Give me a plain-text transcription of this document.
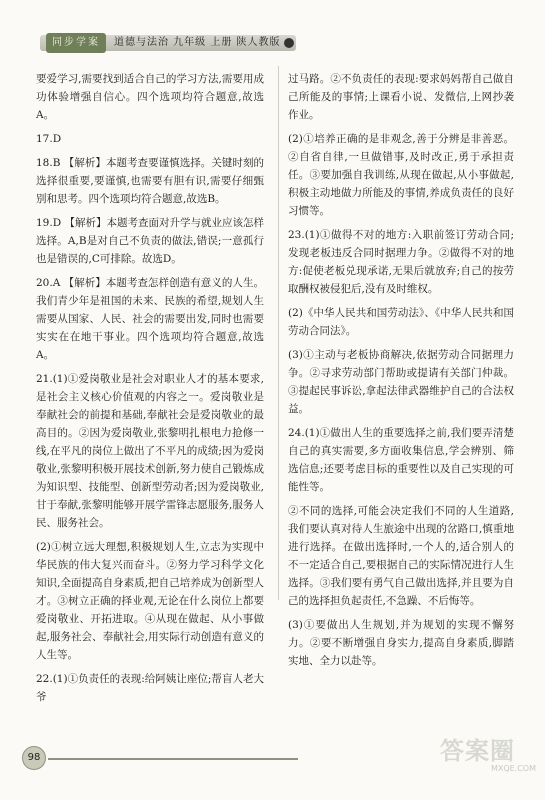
同步学案	道德与法治 九年级 上册 陕人教版

要爱学习,需要找到适合自己的学习方法,需要用成功体验增强自信心。四个选项均符合题意,故选A。

17.D

18.B 【解析】本题考查要谨慎选择。关键时刻的选择很重要,要谨慎,也需要有胆有识,需要仔细甄别和思考。四个选项均符合题意,故选B。

19.D 【解析】本题考查面对升学与就业应该怎样选择。A,B是对自己不负责的做法,错误;一意孤行也是错误的,C可排除。故选D。

20.A 【解析】本题考查怎样创造有意义的人生。我们青少年是祖国的未来、民族的希望,规划人生需要从国家、人民、社会的需要出发,同时也需要实实在在地干事业。四个选项均符合题意,故选A。

21.(1)①爱岗敬业是社会对职业人才的基本要求,是社会主义核心价值观的内容之一。爱岗敬业是奉献社会的前提和基础,奉献社会是爱岗敬业的最高目的。②因为爱岗敬业,张黎明扎根电力抢修一线,在平凡的岗位上做出了不平凡的成绩;因为爱岗敬业,张黎明积极开展技术创新,努力使自己锻炼成为知识型、技能型、创新型劳动者;因为爱岗敬业,甘于奉献,张黎明能够开展学雷锋志愿服务,服务人民、服务社会。

(2)①树立远大理想,积极规划人生,立志为实现中华民族的伟大复兴而奋斗。②努力学习科学文化知识,全面提高自身素质,把自己培养成为创新型人才。③树立正确的择业观,无论在什么岗位上都要爱岗敬业、开拓进取。④从现在做起、从小事做起,服务社会、奉献社会,用实际行动创造有意义的人生等。

22.(1)①负责任的表现:给阿姨让座位;帮盲人老大爷

过马路。②不负责任的表现:要求妈妈帮自己做自己所能及的事情;上课看小说、发微信,上网抄袭作业。

(2)①培养正确的是非观念,善于分辨是非善恶。②自省自律,一旦做错事,及时改正,勇于承担责任。③要加强自我训练,从现在做起,从小事做起,积极主动地做力所能及的事情,养成负责任的良好习惯等。

23.(1)①做得不对的地方:入职前签订劳动合同;发现老板违反合同时据理力争。②做得不对的地方:促使老板兑现承诺,无果后就放弃;自己的按劳取酬权被侵犯后,没有及时维权。

(2)《中华人民共和国劳动法》、《中华人民共和国劳动合同法》。

(3)①主动与老板协商解决,依据劳动合同据理力争。②寻求劳动部门帮助或提请有关部门仲裁。③提起民事诉讼,拿起法律武器维护自己的合法权益。

24.(1)①做出人生的重要选择之前,我们要弄清楚自己的真实需要,多方面收集信息,学会辨别、筛选信息;还要考虑目标的重要性以及自己实现的可能性等。

②不同的选择,可能会决定我们不同的人生道路,我们要认真对待人生旅途中出现的岔路口,慎重地进行选择。在做出选择时,一个人的,适合别人的不一定适合自己,要根据自己的实际情况进行人生选择。③我们要有勇气自己做出选择,并且要为自己的选择担负起责任,不急躁、不后悔等。

(3)①要做出人生规划,并为规划的实现不懈努力。②要不断增强自身实力,提高自身素质,脚踏实地、全力以赴等。

98	答案圈
MXQE.COM
